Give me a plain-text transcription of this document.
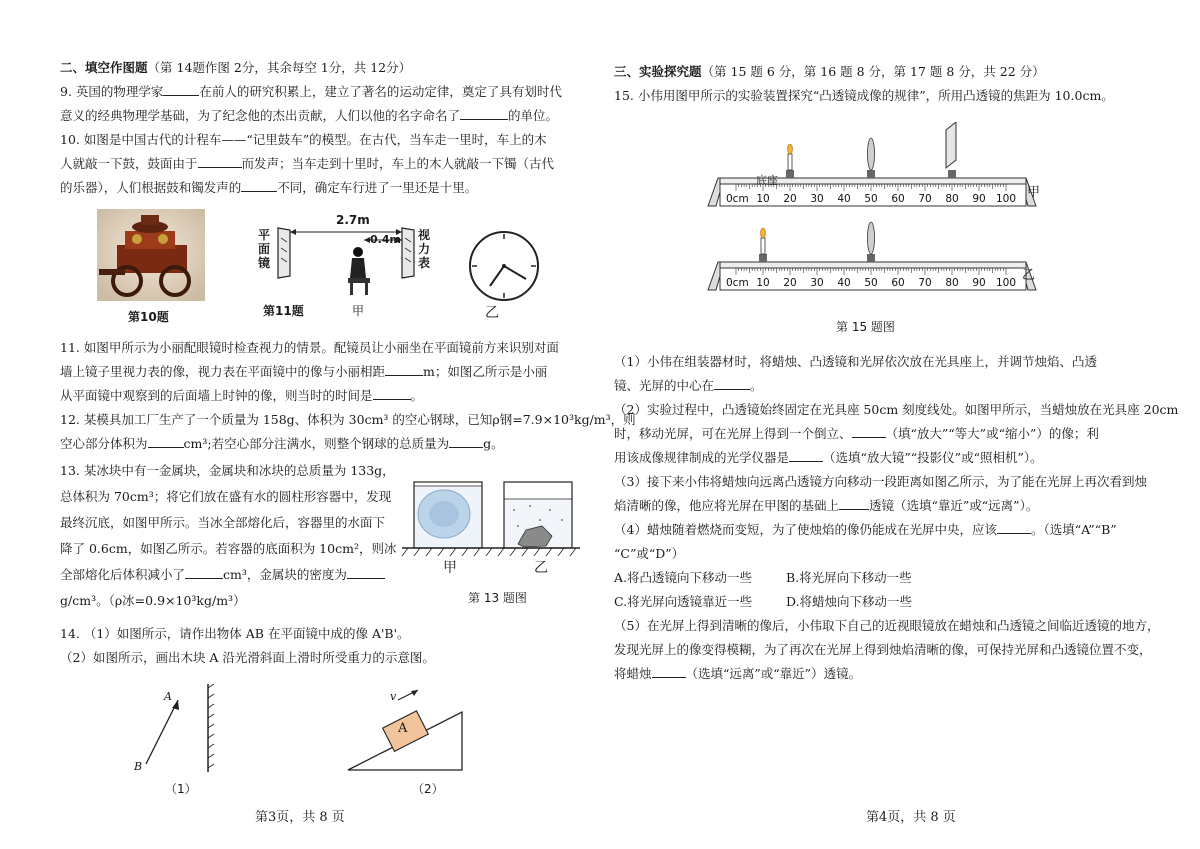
二、填空作图题（第 14题作图 2分，其余每空 1分，共 12分）
9. 英国的物理学家	在前人的研究积累上，建立了著名的运动定律，奠定了具有划时代
意义的经典物理学基础，为了纪念他的杰出贡献，人们以他的名字命名了	的单位。
10. 如图是中国古代的计程车——“记里鼓车”的模型。在古代，当车走一里时，车上的木
人就敲一下鼓，鼓面由于	而发声；当车走到十里时，车上的木人就敲一下镯（古代
的乐器），人们根据鼓和镯发声的	不同，确定车行进了一里还是十里。
第10题
平面镜
视力表
2.7m
0.4m
第11题	甲	乙
11. 如图甲所示为小丽配眼镜时检查视力的情景。配镜员让小丽坐在平面镜前方来识别对面
墙上镜子里视力表的像，视力表在平面镜中的像与小丽相距	m；如图乙所示是小丽
从平面镜中观察到的后面墙上时钟的像，则当时的时间是	。
12. 某模具加工厂生产了一个质量为 158g、体积为 30cm³ 的空心钢球，已知ρ钢=7.9×10³kg/m³，则
空心部分体积为	cm³;若空心部分注满水，则整个钢球的总质量为	g。
13. 某冰块中有一金属块，金属块和冰块的总质量为 133g，
总体积为 70cm³；将它们放在盛有水的圆柱形容器中，发现
最终沉底，如图甲所示。当冰全部熔化后，容器里的水面下
降了 0.6cm，如图乙所示。若容器的底面积为 10cm²，则冰
全部熔化后体积减小了	cm³，金属块的密度为
g/cm³。（ρ冰=0.9×10³kg/m³）
甲	乙
第 13 题图
14. （1）如图所示，请作出物体 AB 在平面镜中成的像 A'B'。
（2）如图所示，画出木块 A 沿光滑斜面上滑时所受重力的示意图。
A
B
v
A
（1）	（2）
第3页，共 8 页
三、实验探究题（第 15 题 6 分，第 16 题 8 分，第 17 题 8 分，共 22 分）
15. 小伟用图甲所示的实验装置探究“凸透镜成像的规律”，所用凸透镜的焦距为 10.0cm。
0cm 10 20 30 40 50 60 70 80 90 100
0cm 10 20 30 40 50 60 70 80 90 100
底座
甲
乙
第 15 题图
（1）小伟在组装器材时，将蜡烛、凸透镜和光屏依次放在光具座上，并调节烛焰、凸透
镜、光屏的中心在	。
（2）实验过程中，凸透镜始终固定在光具座 50cm 刻度线处。如图甲所示，当蜡烛放在光具座 20cm
时，移动光屏，可在光屏上得到一个倒立、	（填“放大”“等大”或“缩小”）的像；利
用该成像规律制成的光学仪器是	（选填“放大镜”“投影仪”或“照相机”）。
（3）接下来小伟将蜡烛向远离凸透镜方向移动一段距离如图乙所示，为了能在光屏上再次看到烛
焰清晰的像，他应将光屏在甲图的基础上 透镜（选填“靠近”或“远离”）。
（4）蜡烛随着燃烧而变短，为了使烛焰的像仍能成在光屏中央，应该	。（选填“A”“B”
“C”或“D”）
A.将凸透镜向下移动一些	B.将光屏向下移动一些
C.将光屏向透镜靠近一些	D.将蜡烛向下移动一些
（5）在光屏上得到清晰的像后，小伟取下自己的近视眼镜放在蜡烛和凸透镜之间临近透镜的地方，
发现光屏上的像变得模糊，为了再次在光屏上得到烛焰清晰的像，可保持光屏和凸透镜位置不变，
将蜡烛	（选填“远离”或“靠近”）透镜。
第4页，共 8 页
